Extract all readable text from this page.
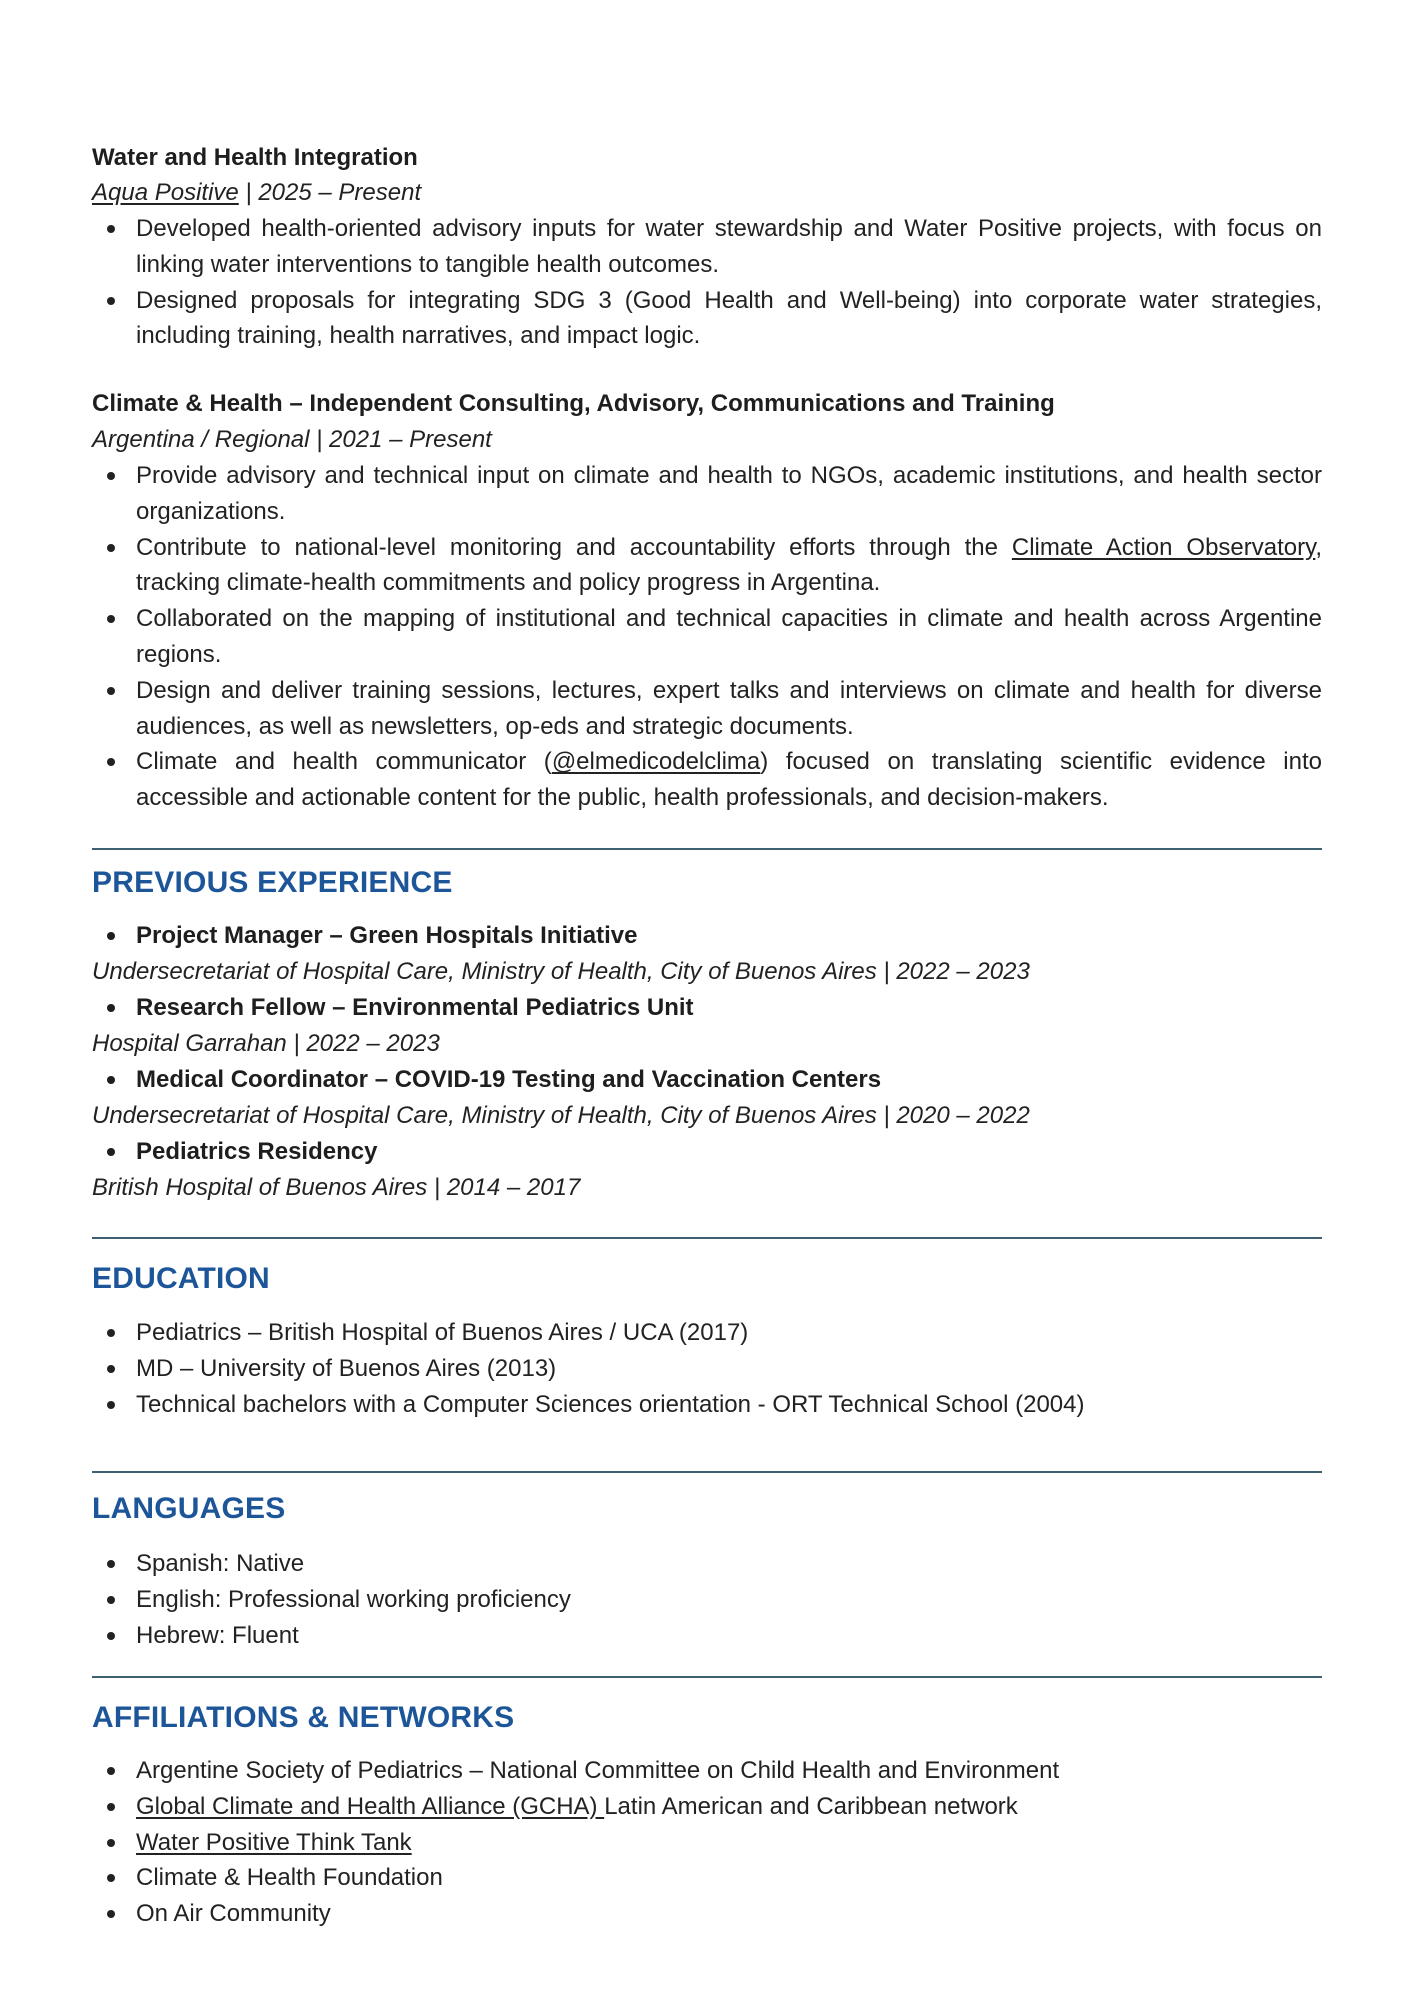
Water and Health Integration
Aqua Positive | 2025 – Present
Developed health-oriented advisory inputs for water stewardship and Water Positive projects, with focus on linking water interventions to tangible health outcomes.
Designed proposals for integrating SDG 3 (Good Health and Well-being) into corporate water strategies, including training, health narratives, and impact logic.
Climate & Health – Independent Consulting, Advisory, Communications and Training
Argentina / Regional | 2021 – Present
Provide advisory and technical input on climate and health to NGOs, academic institutions, and health sector organizations.
Contribute to national-level monitoring and accountability efforts through the Climate Action Observatory, tracking climate-health commitments and policy progress in Argentina.
Collaborated on the mapping of institutional and technical capacities in climate and health across Argentine regions.
Design and deliver training sessions, lectures, expert talks and interviews on climate and health for diverse audiences, as well as newsletters, op-eds and strategic documents.
Climate and health communicator (@elmedicodelclima) focused on translating scientific evidence into accessible and actionable content for the public, health professionals, and decision-makers.
PREVIOUS EXPERIENCE
Project Manager – Green Hospitals Initiative
Undersecretariat of Hospital Care, Ministry of Health, City of Buenos Aires | 2022 – 2023
Research Fellow – Environmental Pediatrics Unit
Hospital Garrahan | 2022 – 2023
Medical Coordinator – COVID-19 Testing and Vaccination Centers
Undersecretariat of Hospital Care, Ministry of Health, City of Buenos Aires | 2020 – 2022
Pediatrics Residency
British Hospital of Buenos Aires | 2014 – 2017
EDUCATION
Pediatrics – British Hospital of Buenos Aires / UCA (2017)
MD – University of Buenos Aires (2013)
Technical bachelors with a Computer Sciences orientation - ORT Technical School (2004)
LANGUAGES
Spanish: Native
English: Professional working proficiency
Hebrew: Fluent
AFFILIATIONS & NETWORKS
Argentine Society of Pediatrics – National Committee on Child Health and Environment
Global Climate and Health Alliance (GCHA) Latin American and Caribbean network
Water Positive Think Tank
Climate & Health Foundation
On Air Community
